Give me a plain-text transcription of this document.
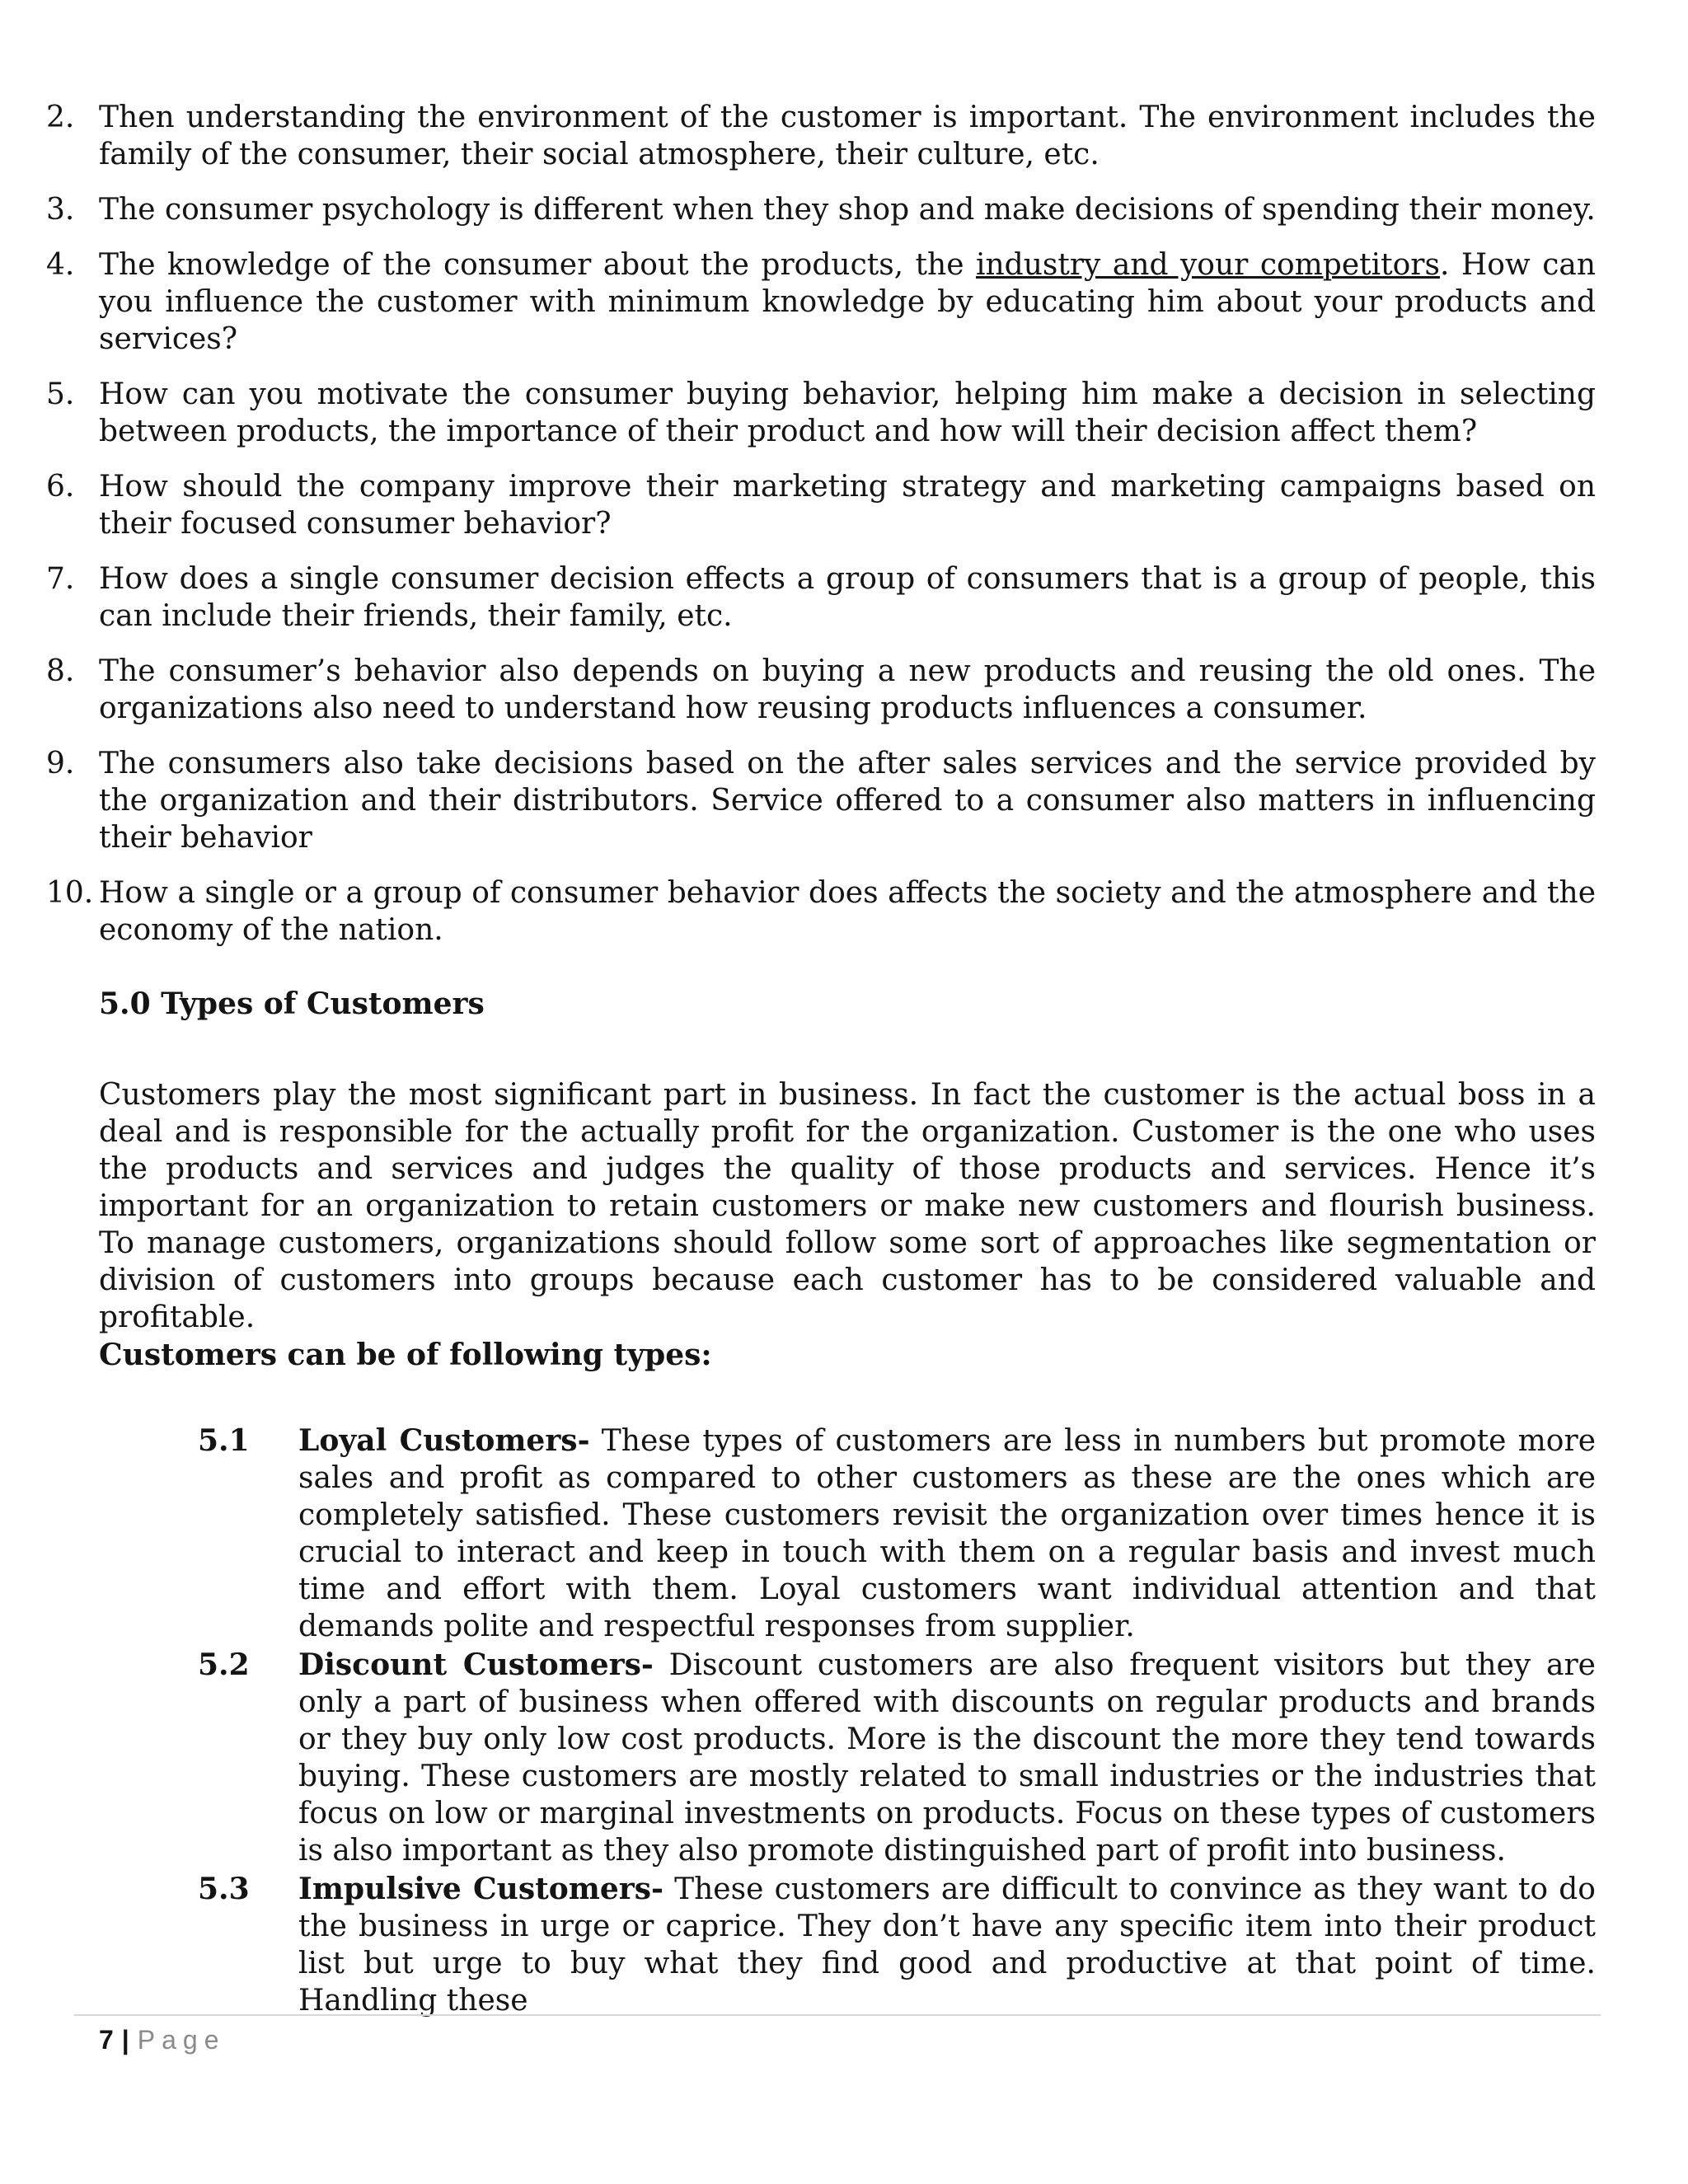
2. Then understanding the environment of the customer is important. The environment includes the family of the consumer, their social atmosphere, their culture, etc.
3. The consumer psychology is different when they shop and make decisions of spending their money.
4. The knowledge of the consumer about the products, the industry and your competitors. How can you influence the customer with minimum knowledge by educating him about your products and services?
5. How can you motivate the consumer buying behavior, helping him make a decision in selecting between products, the importance of their product and how will their decision affect them?
6. How should the company improve their marketing strategy and marketing campaigns based on their focused consumer behavior?
7. How does a single consumer decision effects a group of consumers that is a group of people, this can include their friends, their family, etc.
8. The consumer’s behavior also depends on buying a new products and reusing the old ones. The organizations also need to understand how reusing products influences a consumer.
9. The consumers also take decisions based on the after sales services and the service provided by the organization and their distributors. Service offered to a consumer also matters in influencing their behavior
10. How a single or a group of consumer behavior does affects the society and the atmosphere and the economy of the nation.
5.0 Types of Customers

Customers play the most significant part in business. In fact the customer is the actual boss in a deal and is responsible for the actually profit for the organization. Customer is the one who uses the products and services and judges the quality of those products and services. Hence it’s important for an organization to retain customers or make new customers and flourish business. To manage customers, organizations should follow some sort of approaches like segmentation or division of customers into groups because each customer has to be considered valuable and profitable.

Customers can be of following types:
5.1	Loyal Customers- These types of customers are less in numbers but promote more sales and profit as compared to other customers as these are the ones which are completely satisfied. These customers revisit the organization over times hence it is crucial to interact and keep in touch with them on a regular basis and invest much time and effort with them. Loyal customers want individual attention and that demands polite and respectful responses from supplier.
5.2	Discount Customers- Discount customers are also frequent visitors but they are only a part of business when offered with discounts on regular products and brands or they buy only low cost products. More is the discount the more they tend towards buying. These customers are mostly related to small industries or the industries that focus on low or marginal investments on products. Focus on these types of customers is also important as they also promote distinguished part of profit into business.
5.3	Impulsive Customers- These customers are difficult to convince as they want to do the business in urge or caprice. They don’t have any specific item into their product list but urge to buy what they find good and productive at that point of time. Handling these
7 | Page
